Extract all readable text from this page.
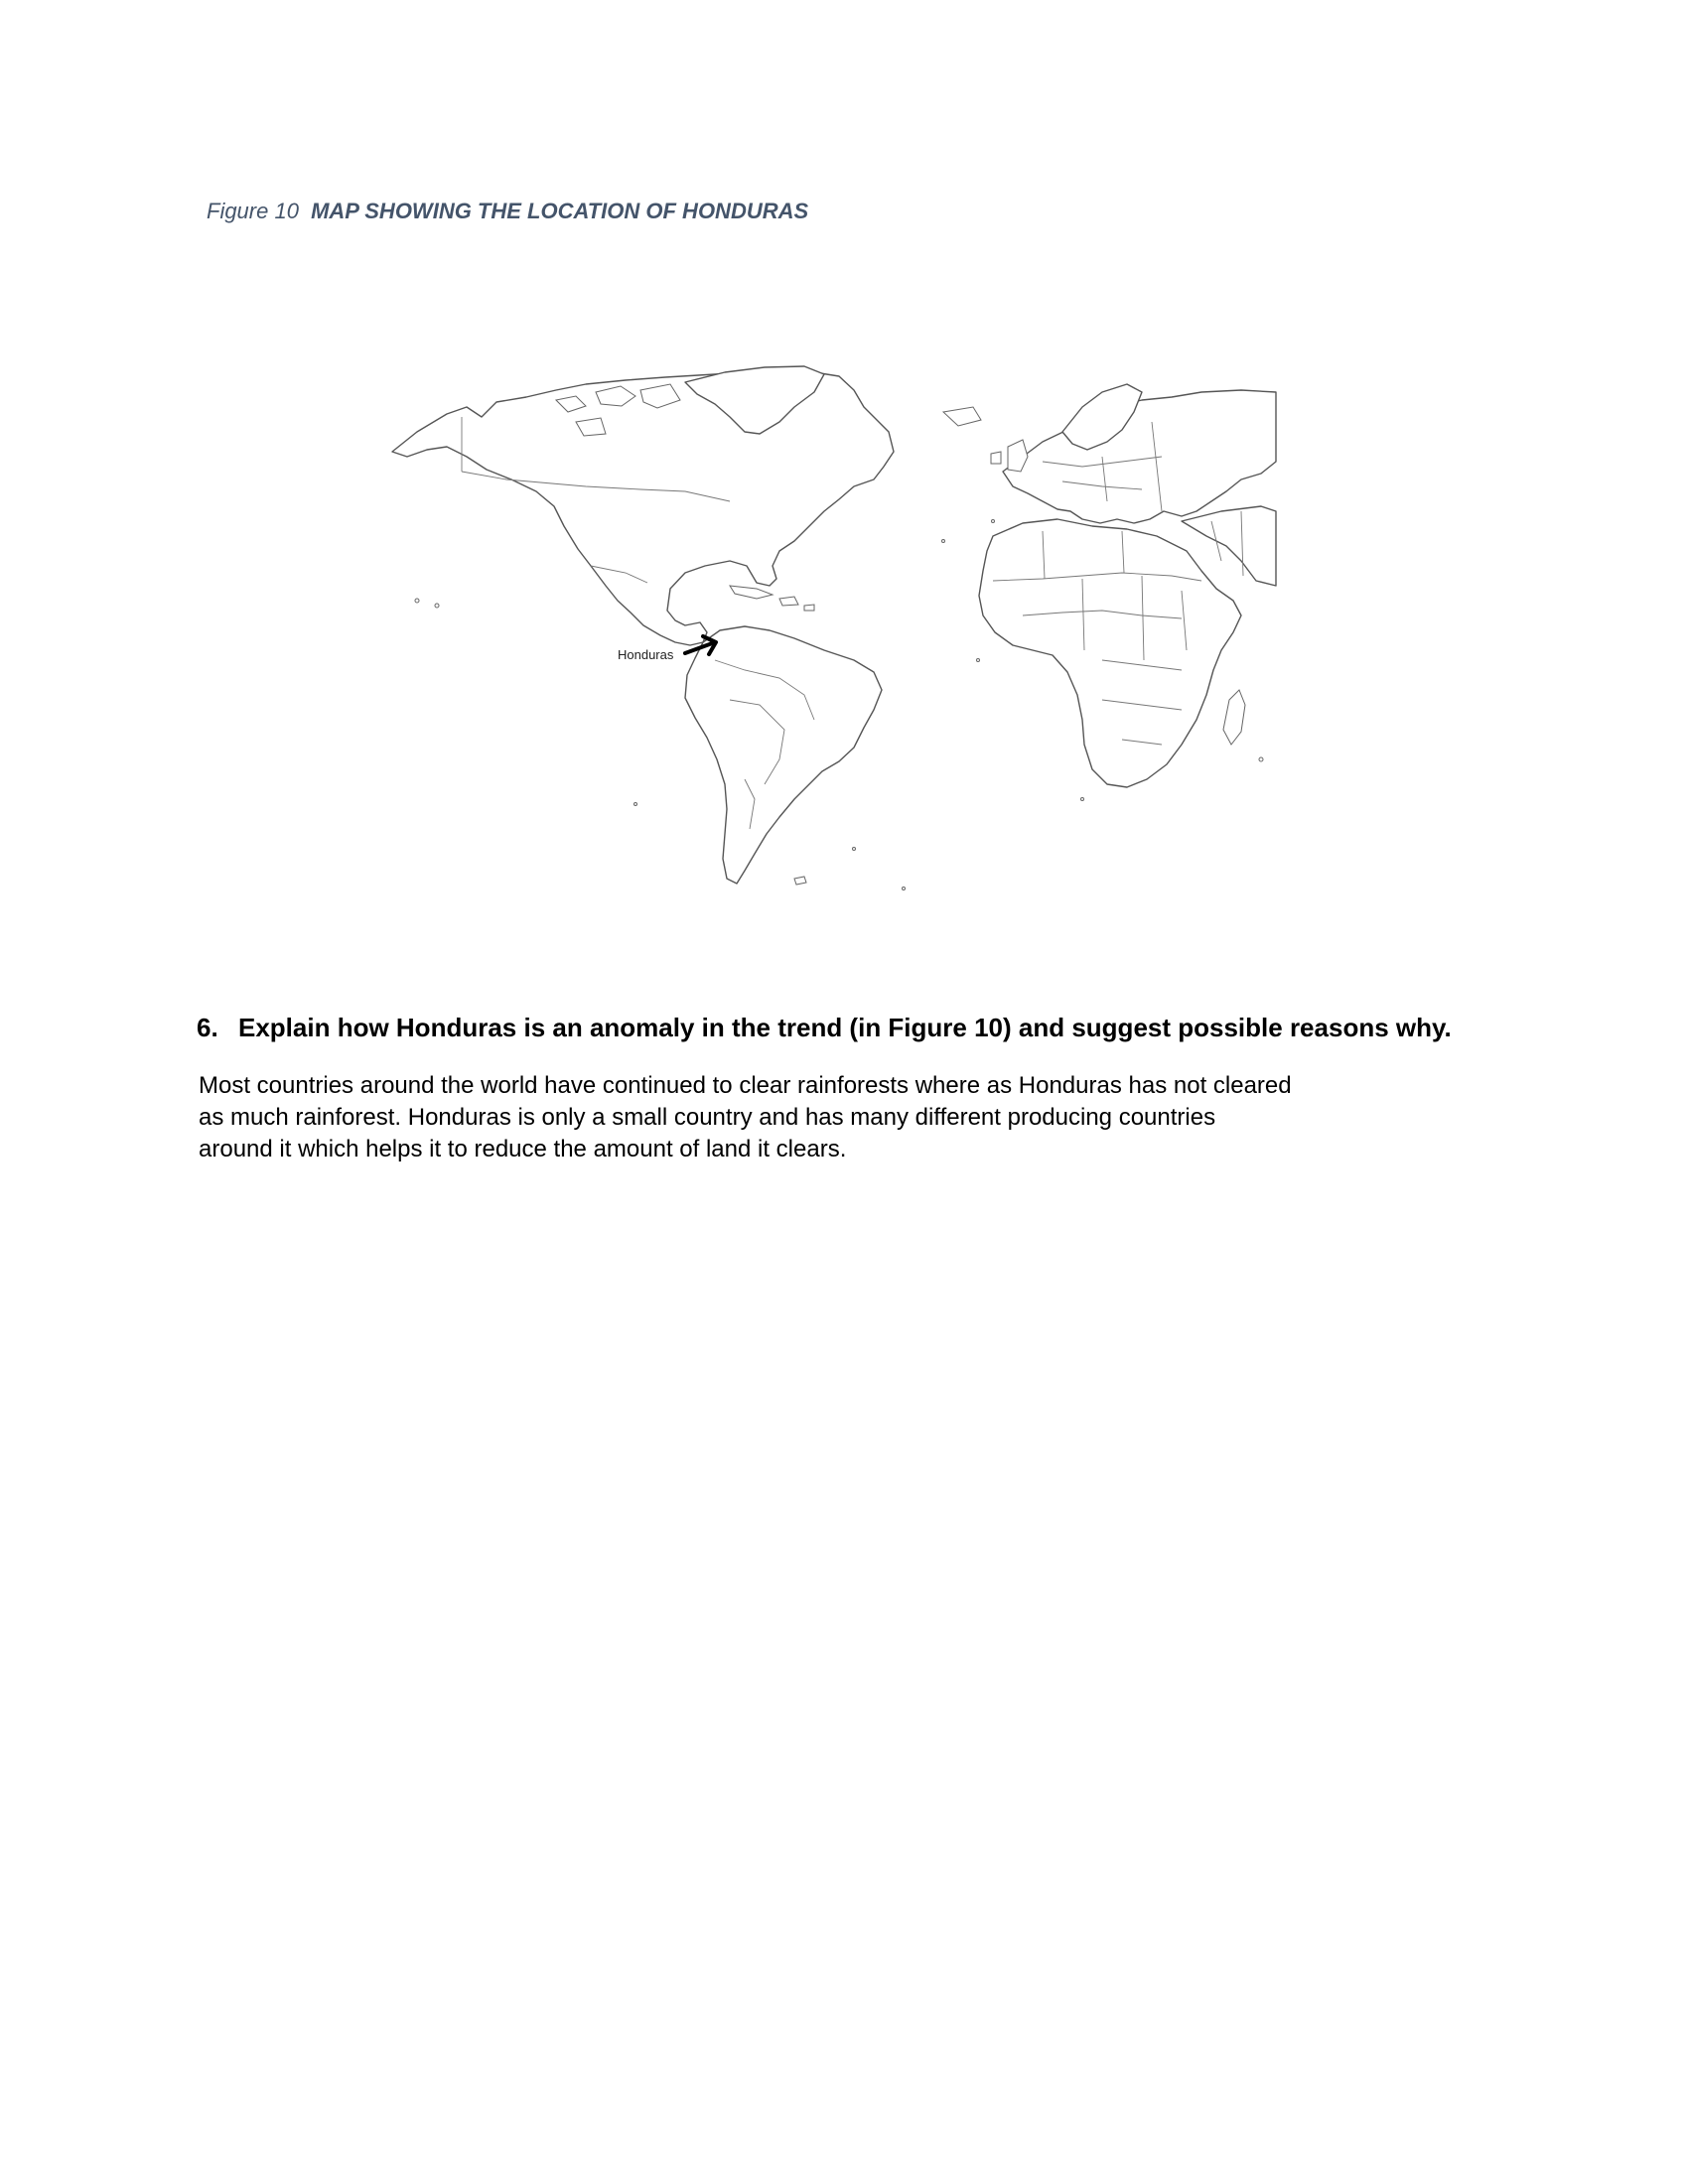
Figure 10 MAP SHOWING THE LOCATION OF HONDURAS
Honduras
6. Explain how Honduras is an anomaly in the trend (in Figure 10) and suggest possible reasons why.
Most countries around the world have continued to clear rainforests where as Honduras has not cleared
as much rainforest. Honduras is only a small country and has many different producing countries
around it which helps it to reduce the amount of land it clears.
